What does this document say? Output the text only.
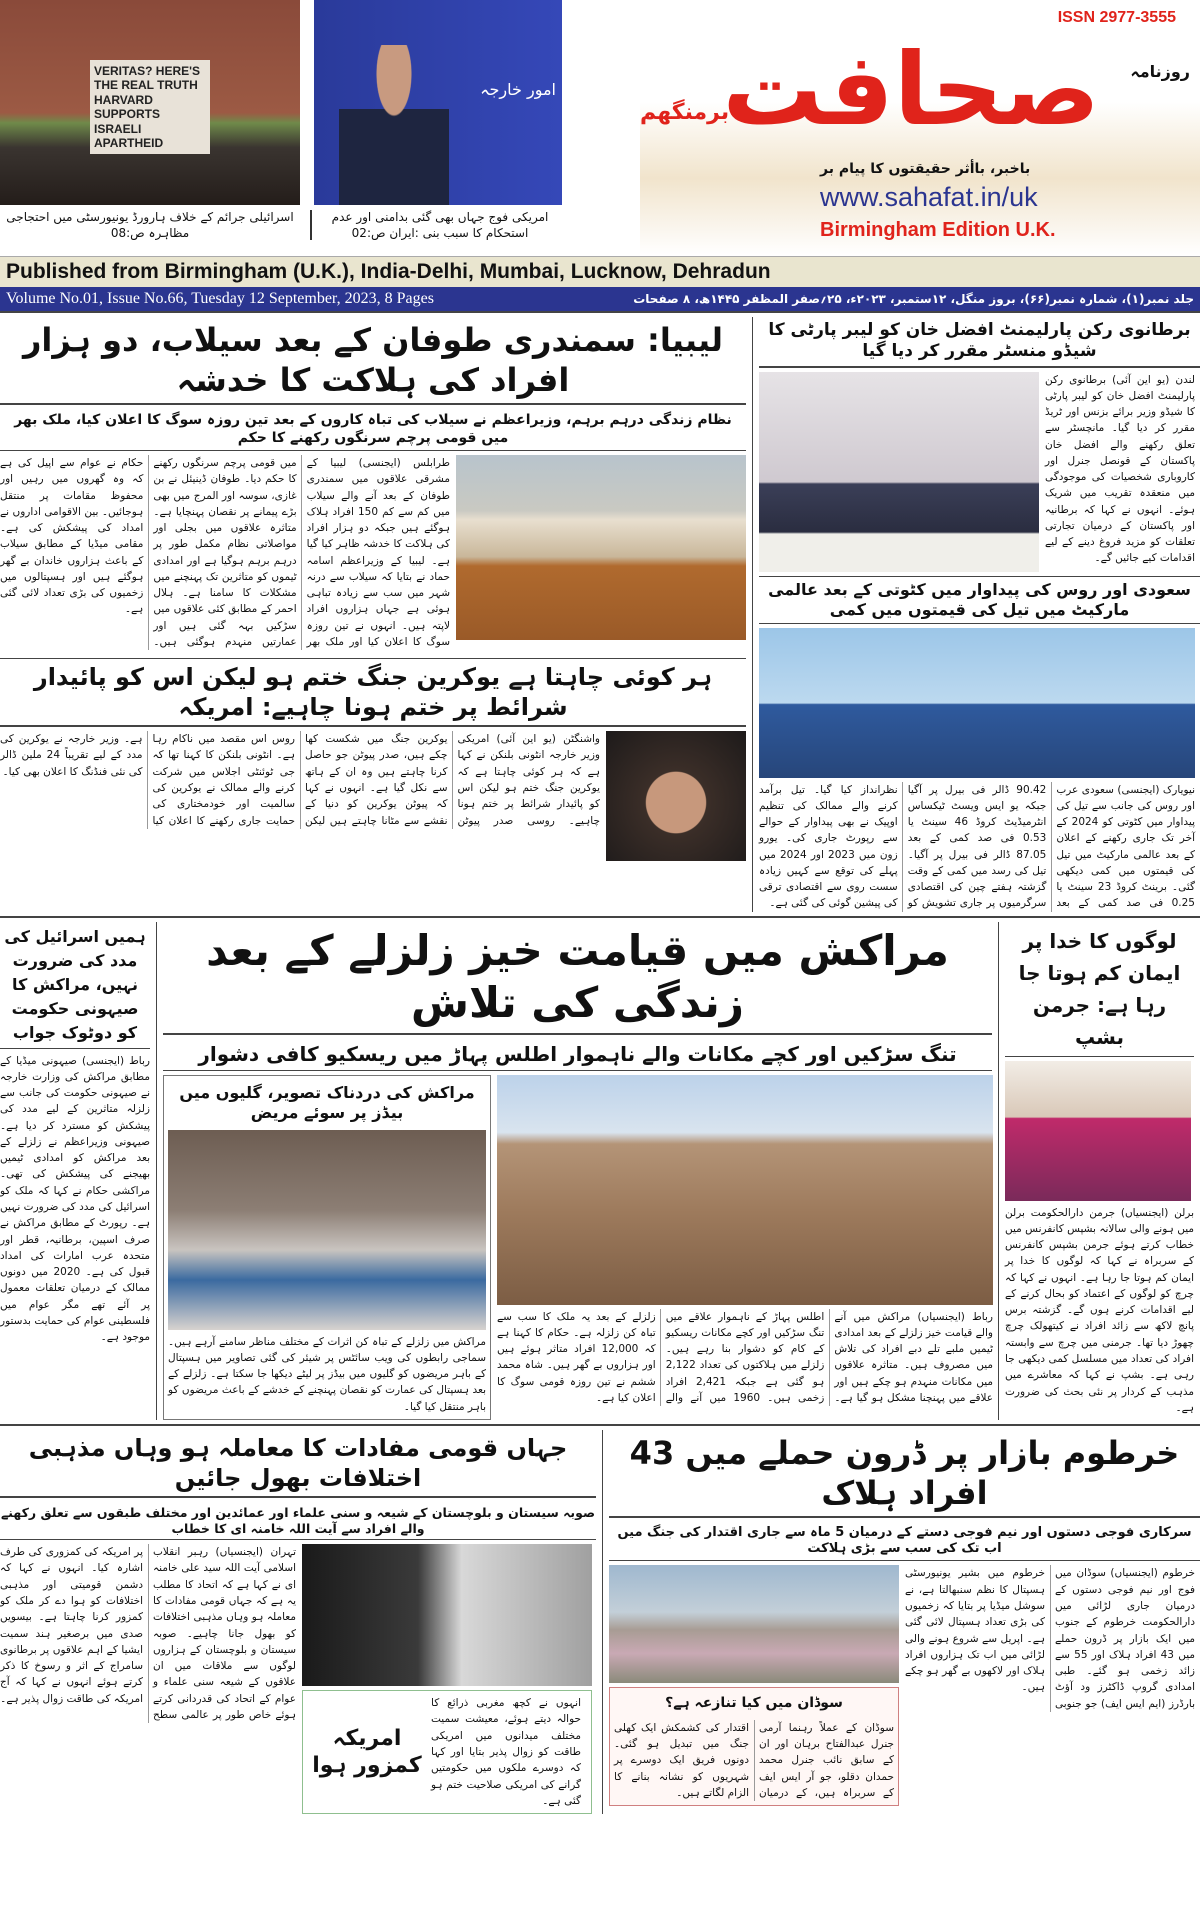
VERITAS? HERE'S THE REAL TRUTH HARVARD SUPPORTS ISRAELI APARTHEID
اسرائیلی جرائم کے خلاف ہارورڈ یونیورسٹی میں احتجاجی مظاہرہ ص:08
امور خارجہ
امریکی فوج جہاں بھی گئی بدامنی اور عدم استحکام کا سبب بنی :ایران ص:02
ISSN 2977-3555
روزنامہ
صحافت
برمنگھم
باخبر، باأثر حقیقتوں کا پیام بر
www.sahafat.in/uk
Birmingham Edition U.K.
Published from Birmingham (U.K.), India-Delhi, Mumbai, Lucknow, Dehradun
Volume No.01, Issue No.66, Tuesday 12 September, 2023, 8 Pages	جلد نمبر(۱)، شمارہ نمبر(۶۶)، بروز منگل، ۱۲ستمبر، ۲۰۲۳ء، ۲۵؍صفر المظفر ۱۴۴۵ھ، ۸ صفحات
لیبیا: سمندری طوفان کے بعد سیلاب، دو ہزار افراد کی ہلاکت کا خدشہ
نظام زندگی درہم برہم، وزیراعظم نے سیلاب کی تباہ کاروں کے بعد تین روزہ سوگ کا اعلان کیا، ملک بھر میں قومی پرچم سرنگوں رکھنے کا حکم
طرابلس (ایجنسی) لیبیا کے مشرقی علاقوں میں سمندری طوفان کے بعد آنے والے سیلاب میں کم سے کم 150 افراد ہلاک ہوگئے ہیں جبکہ دو ہزار افراد کی ہلاکت کا خدشہ ظاہر کیا گیا ہے۔ لیبیا کے وزیراعظم اسامہ حماد نے بتایا کہ سیلاب سے درنہ شہر میں سب سے زیادہ تباہی ہوئی ہے جہاں ہزاروں افراد لاپتہ ہیں۔ انہوں نے تین روزہ سوگ کا اعلان کیا اور ملک بھر میں قومی پرچم سرنگوں رکھنے کا حکم دیا۔ طوفان ڈینیئل نے بن غازی، سوسہ اور المرج میں بھی بڑے پیمانے پر نقصان پہنچایا ہے۔ متاثرہ علاقوں میں بجلی اور مواصلاتی نظام مکمل طور پر درہم برہم ہوگیا ہے اور امدادی ٹیموں کو متاثرین تک پہنچنے میں مشکلات کا سامنا ہے۔ ہلال احمر کے مطابق کئی علاقوں میں سڑکیں بہہ گئی ہیں اور عمارتیں منہدم ہوگئی ہیں۔ حکام نے عوام سے اپیل کی ہے کہ وہ گھروں میں رہیں اور محفوظ مقامات پر منتقل ہوجائیں۔ بین الاقوامی اداروں نے امداد کی پیشکش کی ہے۔ مقامی میڈیا کے مطابق سیلاب کے باعث ہزاروں خاندان بے گھر ہوگئے ہیں اور ہسپتالوں میں زخمیوں کی بڑی تعداد لائی گئی ہے۔
ہر کوئی چاہتا ہے یوکرین جنگ ختم ہو لیکن اس کو پائیدار شرائط پر ختم ہونا چاہیے: امریکہ
واشنگٹن (یو این آئی) امریکی وزیر خارجہ انٹونی بلنکن نے کہا ہے کہ ہر کوئی چاہتا ہے کہ یوکرین جنگ ختم ہو لیکن اس کو پائیدار شرائط پر ختم ہونا چاہیے۔ روسی صدر پیوٹن یوکرین جنگ میں شکست کھا چکے ہیں، صدر پیوٹن جو حاصل کرنا چاہتے ہیں وہ ان کے ہاتھ سے نکل گیا ہے۔ انہوں نے کہا کہ پیوٹن یوکرین کو دنیا کے نقشے سے مٹانا چاہتے ہیں لیکن روس اس مقصد میں ناکام رہا ہے۔ انٹونی بلنکن کا کہنا تھا کہ جی ٹوئنٹی اجلاس میں شرکت کرنے والے ممالک نے یوکرین کی سالمیت اور خودمختاری کی حمایت جاری رکھنے کا اعلان کیا ہے۔ وزیر خارجہ نے یوکرین کی مدد کے لیے تقریباً 24 ملین ڈالر کی نئی فنڈنگ کا اعلان بھی کیا۔
برطانوی رکن پارلیمنٹ افضل خان کو لیبر پارٹی کا شیڈو منسٹر مقرر کر دیا گیا
لندن (یو این آئی) برطانوی رکن پارلیمنٹ افضل خان کو لیبر پارٹی کا شیڈو وزیر برائے بزنس اور ٹریڈ مقرر کر دیا گیا۔ مانچسٹر سے تعلق رکھنے والے افضل خان پاکستان کے قونصل جنرل اور کاروباری شخصیات کی موجودگی میں منعقدہ تقریب میں شریک ہوئے۔ انہوں نے کہا کہ برطانیہ اور پاکستان کے درمیان تجارتی تعلقات کو مزید فروغ دینے کے لیے اقدامات کیے جائیں گے۔
سعودی اور روس کی پیداوار میں کٹوتی کے بعد عالمی مارکیٹ میں تیل کی قیمتوں میں کمی
نیویارک (ایجنسی) سعودی عرب اور روس کی جانب سے تیل کی پیداوار میں کٹوتی کو 2024 کے آخر تک جاری رکھنے کے اعلان کے بعد عالمی مارکیٹ میں تیل کی قیمتوں میں کمی دیکھی گئی۔ برینٹ کروڈ 23 سینٹ یا 0.25 فی صد کمی کے بعد 90.42 ڈالر فی بیرل پر آگیا جبکہ یو ایس ویسٹ ٹیکساس انٹرمیڈیٹ کروڈ 46 سینٹ یا 0.53 فی صد کمی کے بعد 87.05 ڈالر فی بیرل پر آگیا۔ تیل کی رسد میں کمی کے وقت گزشتہ ہفتے چین کی اقتصادی سرگرمیوں پر جاری تشویش کو نظرانداز کیا گیا۔ تیل برآمد کرنے والے ممالک کی تنظیم اوپیک نے بھی پیداوار کے حوالے سے رپورٹ جاری کی۔ یورو زون میں 2023 اور 2024 میں پہلے کی توقع سے کہیں زیادہ سست روی سے اقتصادی ترقی کی پیشین گوئی کی گئی ہے۔
ہمیں اسرائیل کی مدد کی ضرورت نہیں، مراکش کا صیہونی حکومت کو دوٹوک جواب
رباط (ایجنسی) صیہونی میڈیا کے مطابق مراکش کی وزارت خارجہ نے صیہونی حکومت کی جانب سے زلزلہ متاثرین کے لیے مدد کی پیشکش کو مسترد کر دیا ہے۔ صیہونی وزیراعظم نے زلزلے کے بعد مراکش کو امدادی ٹیمیں بھیجنے کی پیشکش کی تھی۔ مراکشی حکام نے کہا کہ ملک کو اسرائیل کی مدد کی ضرورت نہیں ہے۔ رپورٹ کے مطابق مراکش نے صرف اسپین، برطانیہ، قطر اور متحدہ عرب امارات کی امداد قبول کی ہے۔ 2020 میں دونوں ممالک کے درمیان تعلقات معمول پر آئے تھے مگر عوام میں فلسطینی عوام کی حمایت بدستور موجود ہے۔
مراکش میں قیامت خیز زلزلے کے بعد زندگی کی تلاش
تنگ سڑکیں اور کچے مکانات والے ناہموار اطلس پہاڑ میں ریسکیو کافی دشوار
مراکش کی دردناک تصویر، گلیوں میں بیڈز پر سوئے مریض
مراکش میں زلزلے کے تباہ کن اثرات کے مختلف مناظر سامنے آرہے ہیں۔ سماجی رابطوں کی ویب سائٹس پر شیئر کی گئی تصاویر میں ہسپتال کے باہر مریضوں کو گلیوں میں بیڈز پر لیٹے دیکھا جا سکتا ہے۔ زلزلے کے بعد ہسپتال کی عمارت کو نقصان پہنچنے کے خدشے کے باعث مریضوں کو باہر منتقل کیا گیا۔
رباط (ایجنسیاں) مراکش میں آنے والے قیامت خیز زلزلے کے بعد امدادی ٹیمیں ملبے تلے دبے افراد کی تلاش میں مصروف ہیں۔ متاثرہ علاقوں میں مکانات منہدم ہو چکے ہیں اور علاقے میں پہنچنا مشکل ہو گیا ہے۔ اطلس پہاڑ کے ناہموار علاقے میں تنگ سڑکیں اور کچے مکانات ریسکیو کے کام کو دشوار بنا رہے ہیں۔ زلزلے میں ہلاکتوں کی تعداد 2,122 ہو گئی ہے جبکہ 2,421 افراد زخمی ہیں۔ 1960 میں آنے والے زلزلے کے بعد یہ ملک کا سب سے تباہ کن زلزلہ ہے۔ حکام کا کہنا ہے کہ 12,000 افراد متاثر ہوئے ہیں اور ہزاروں بے گھر ہیں۔ شاہ محمد ششم نے تین روزہ قومی سوگ کا اعلان کیا ہے۔
لوگوں کا خدا پر ایمان کم ہوتا جا رہا ہے: جرمن بشپ
برلن (ایجنسیاں) جرمن دارالحکومت برلن میں ہونے والی سالانہ بشپس کانفرنس میں خطاب کرتے ہوئے جرمن بشپس کانفرنس کے سربراہ نے کہا کہ لوگوں کا خدا پر ایمان کم ہوتا جا رہا ہے۔ انہوں نے کہا کہ چرچ کو لوگوں کے اعتماد کو بحال کرنے کے لیے اقدامات کرنے ہوں گے۔ گزشتہ برس پانچ لاکھ سے زائد افراد نے کیتھولک چرچ چھوڑ دیا تھا۔ جرمنی میں چرچ سے وابستہ افراد کی تعداد میں مسلسل کمی دیکھی جا رہی ہے۔ بشپ نے کہا کہ معاشرے میں مذہب کے کردار پر نئی بحث کی ضرورت ہے۔
جہاں قومی مفادات کا معاملہ ہو وہاں مذہبی اختلافات بھول جائیں
صوبہ سیستان و بلوچستان کے شیعہ و سنی علماء اور عمائدین اور مختلف طبقوں سے تعلق رکھنے والے افراد سے آیت اللہ خامنہ ای کا خطاب
تہران (ایجنسیاں) رہبر انقلاب اسلامی آیت اللہ سید علی خامنہ ای نے کہا ہے کہ اتحاد کا مطلب یہ ہے کہ جہاں قومی مفادات کا معاملہ ہو وہاں مذہبی اختلافات کو بھول جانا چاہیے۔ صوبہ سیستان و بلوچستان کے ہزاروں لوگوں سے ملاقات میں ان علاقوں کے شیعہ سنی علماء و عوام کے اتحاد کی قدردانی کرتے ہوئے خاص طور پر عالمی سطح پر امریکہ کی کمزوری کی طرف اشارہ کیا۔ انہوں نے کہا کہ دشمن قومیتی اور مذہبی اختلافات کو ہوا دے کر ملک کو کمزور کرنا چاہتا ہے۔ بیسویں صدی میں برصغیر ہند سمیت ایشیا کے اہم علاقوں پر برطانوی سامراج کے اثر و رسوخ کا ذکر کرتے ہوئے انہوں نے کہا کہ آج امریکہ کی طاقت زوال پذیر ہے۔
امریکہ کمزور ہوا
انہوں نے کچھ مغربی ذرائع کا حوالہ دیتے ہوئے، معیشت سمیت مختلف میدانوں میں امریکی طاقت کو زوال پذیر بتایا اور کہا کہ دوسرے ملکوں میں حکومتیں گرانے کی امریکی صلاحیت ختم ہو گئی ہے۔
خرطوم بازار پر ڈرون حملے میں 43 افراد ہلاک
سرکاری فوجی دستوں اور نیم فوجی دستے کے درمیان 5 ماہ سے جاری اقتدار کی جنگ میں اب تک کی سب سے بڑی ہلاکت
سوڈان میں کیا تنازعہ ہے؟
سوڈان کے عملاً رہنما آرمی جنرل عبدالفتاح برہان اور ان کے سابق نائب جنرل محمد حمدان دقلو، جو آر ایس ایف کے سربراہ ہیں، کے درمیان اقتدار کی کشمکش ایک کھلی جنگ میں تبدیل ہو گئی۔ دونوں فریق ایک دوسرے پر شہریوں کو نشانہ بنانے کا الزام لگاتے ہیں۔
خرطوم (ایجنسیاں) سوڈان میں فوج اور نیم فوجی دستوں کے درمیان جاری لڑائی میں دارالحکومت خرطوم کے جنوب میں ایک بازار پر ڈرون حملے میں 43 افراد ہلاک اور 55 سے زائد زخمی ہو گئے۔ طبی امدادی گروپ ڈاکٹرز ود آؤٹ بارڈرز (ایم ایس ایف) جو جنوبی خرطوم میں بشیر یونیورسٹی ہسپتال کا نظم سنبھالتا ہے، نے سوشل میڈیا پر بتایا کہ زخمیوں کی بڑی تعداد ہسپتال لائی گئی ہے۔ اپریل سے شروع ہونے والی لڑائی میں اب تک ہزاروں افراد ہلاک اور لاکھوں بے گھر ہو چکے ہیں۔
